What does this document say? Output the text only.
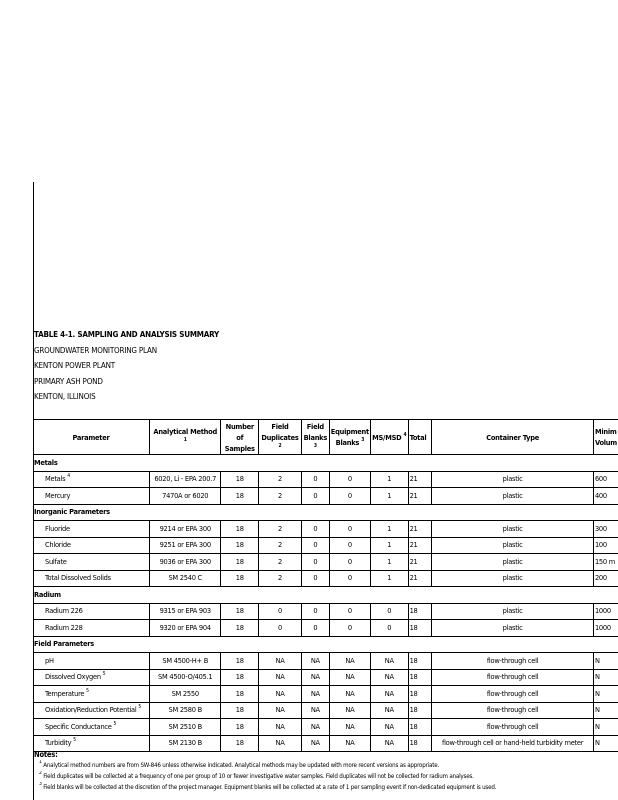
TABLE 4-1. SAMPLING AND ANALYSIS SUMMARY
GROUNDWATER MONITORING PLAN
KENTON POWER PLANT
PRIMARY ASH POND
KENTON, ILLINOIS
Parameter	Analytical Method $^1$	Number of Samples	Field Duplicates $^2$	Field Blanks $^3$	Equipment Blanks $^3$	MS/MSD $^4$	Total	Container Type	Minim Volum
Metals									
Metals $^4$	6020, Li - EPA 200.7	18	2	0	0	1	21	plastic	600
Mercury	7470A or 6020	18	2	0	0	1	21	plastic	400
Inorganic Parameters									
Fluoride	9214 or EPA 300	18	2	0	0	1	21	plastic	300
Chloride	9251 or EPA 300	18	2	0	0	1	21	plastic	100
Sulfate	9036 or EPA 300	18	2	0	0	1	21	plastic	150 m
Total Dissolved Solids	SM 2540 C	18	2	0	0	1	21	plastic	200
Radium									
Radium 226	9315 or EPA 903	18	0	0	0	0	18	plastic	1000
Radium 228	9320 or EPA 904	18	0	0	0	0	18	plastic	1000
Field Parameters									
pH	SM 4500-H+ B	18	NA	NA	NA	NA	18	flow-through cell	N
Dissolved Oxygen $^5$	SM 4500-O/405.1	18	NA	NA	NA	NA	18	flow-through cell	N
Temperature $^5$	SM 2550	18	NA	NA	NA	NA	18	flow-through cell	N
Oxidation/Reduction Potential $^5$	SM 2580 B	18	NA	NA	NA	NA	18	flow-through cell	N
Specific Conductance $^5$	SM 2510 B	18	NA	NA	NA	NA	18	flow-through cell	N
Turbidity $^5$	SM 2130 B	18	NA	NA	NA	NA	18	flow-through cell or hand-held turbidity meter	N
Notes:
$^1$ Analytical method numbers are from SW-846 unless otherwise indicated. Analytical methods may be updated with more recent versions as appropriate.
$^2$ Field duplicates will be collected at a frequency of one per group of 10 or fewer investigative water samples. Field duplicates will not be collected for radium analyses.
$^3$ Field blanks will be collected at the discretion of the project manager. Equipment blanks will be collected at a rate of 1 per sampling event if non-dedicated equipment is used.
